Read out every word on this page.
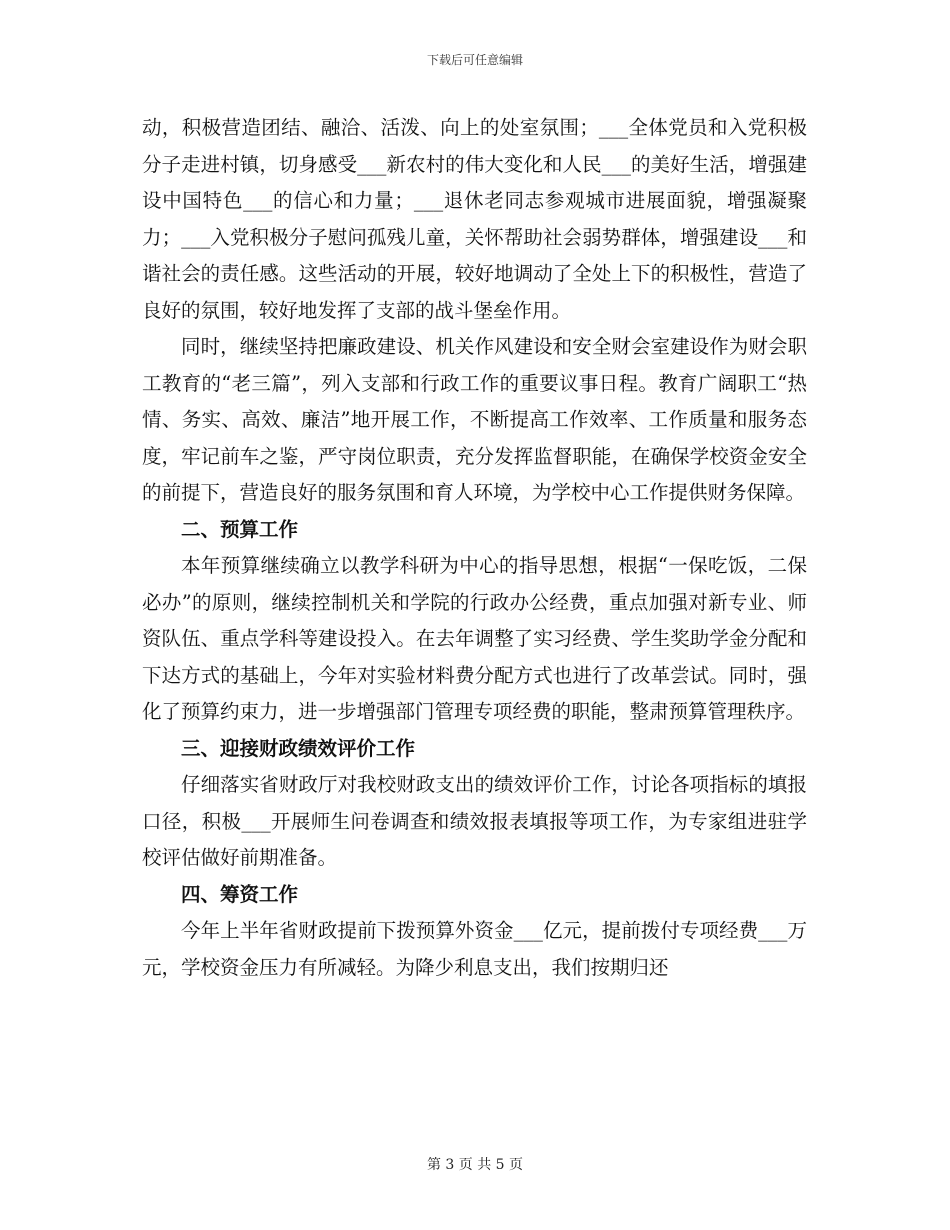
下载后可任意编辑

动，积极营造团结、融洽、活泼、向上的处室氛围；___全体党员和入党积极分子走进村镇，切身感受___新农村的伟大变化和人民___的美好生活，增强建设中国特色___的信心和力量；___退休老同志参观城市进展面貌，增强凝聚力；___入党积极分子慰问孤残儿童，关怀帮助社会弱势群体，增强建设___和谐社会的责任感。这些活动的开展，较好地调动了全处上下的积极性，营造了良好的氛围，较好地发挥了支部的战斗堡垒作用。

同时，继续坚持把廉政建设、机关作风建设和安全财会室建设作为财会职工教育的“老三篇”，列入支部和行政工作的重要议事日程。教育广阔职工“热情、务实、高效、廉洁”地开展工作，不断提高工作效率、工作质量和服务态度，牢记前车之鉴，严守岗位职责，充分发挥监督职能，在确保学校资金安全的前提下，营造良好的服务氛围和育人环境，为学校中心工作提供财务保障。

二、预算工作

本年预算继续确立以教学科研为中心的指导思想，根据“一保吃饭，二保必办”的原则，继续控制机关和学院的行政办公经费，重点加强对新专业、师资队伍、重点学科等建设投入。在去年调整了实习经费、学生奖助学金分配和下达方式的基础上，今年对实验材料费分配方式也进行了改革尝试。同时，强化了预算约束力，进一步增强部门管理专项经费的职能，整肃预算管理秩序。

三、迎接财政绩效评价工作

仔细落实省财政厅对我校财政支出的绩效评价工作，讨论各项指标的填报口径，积极___开展师生问卷调查和绩效报表填报等项工作，为专家组进驻学校评估做好前期准备。

四、筹资工作

今年上半年省财政提前下拨预算外资金___亿元，提前拨付专项经费___万元，学校资金压力有所减轻。为降少利息支出，我们按期归还

第 3 页 共 5 页
